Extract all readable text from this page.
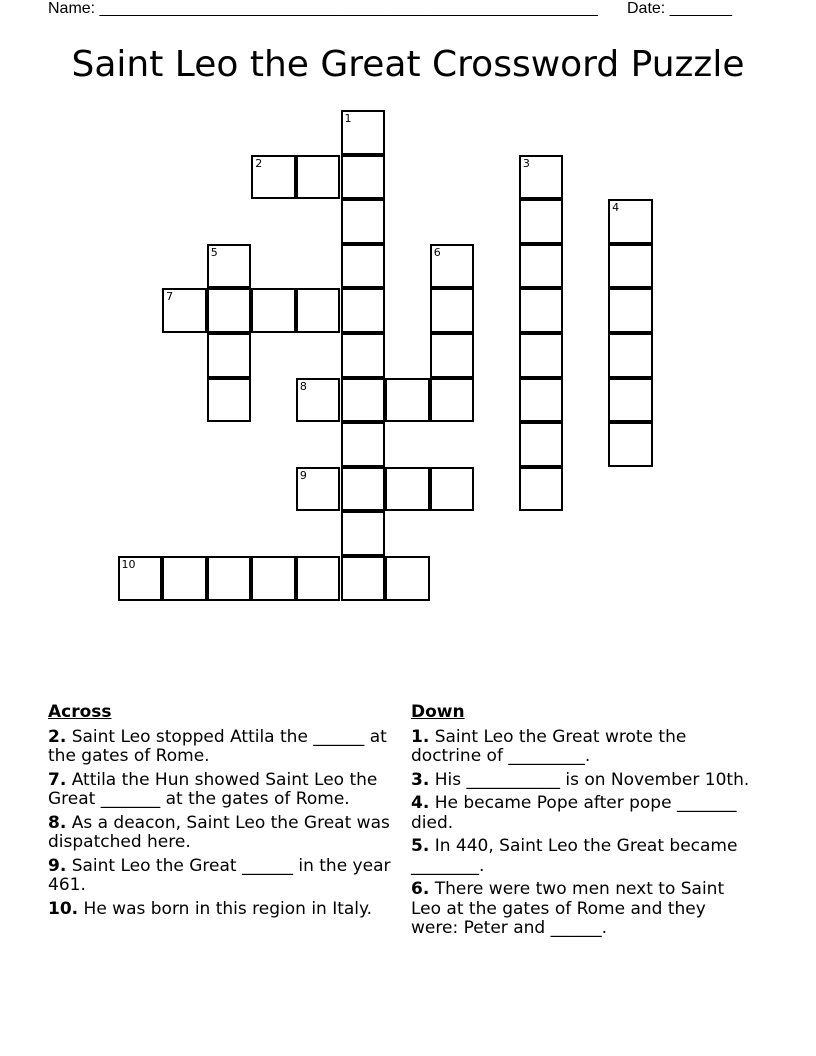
Name: ________________________________________________________ Date: _______
Saint Leo the Great Crossword Puzzle
1
2	3
4
5	6
7
8
9
10
Across
2. Saint Leo stopped Attila the ______ at the gates of Rome.
7. Attila the Hun showed Saint Leo the Great _______ at the gates of Rome.
8. As a deacon, Saint Leo the Great was dispatched here.
9. Saint Leo the Great ______ in the year 461.
10. He was born in this region in Italy.
Down
1. Saint Leo the Great wrote the doctrine of _________.
3. His ___________ is on November 10th.
4. He became Pope after pope _______ died.
5. In 440, Saint Leo the Great became ________.
6. There were two men next to Saint Leo at the gates of Rome and they were: Peter and ______.
